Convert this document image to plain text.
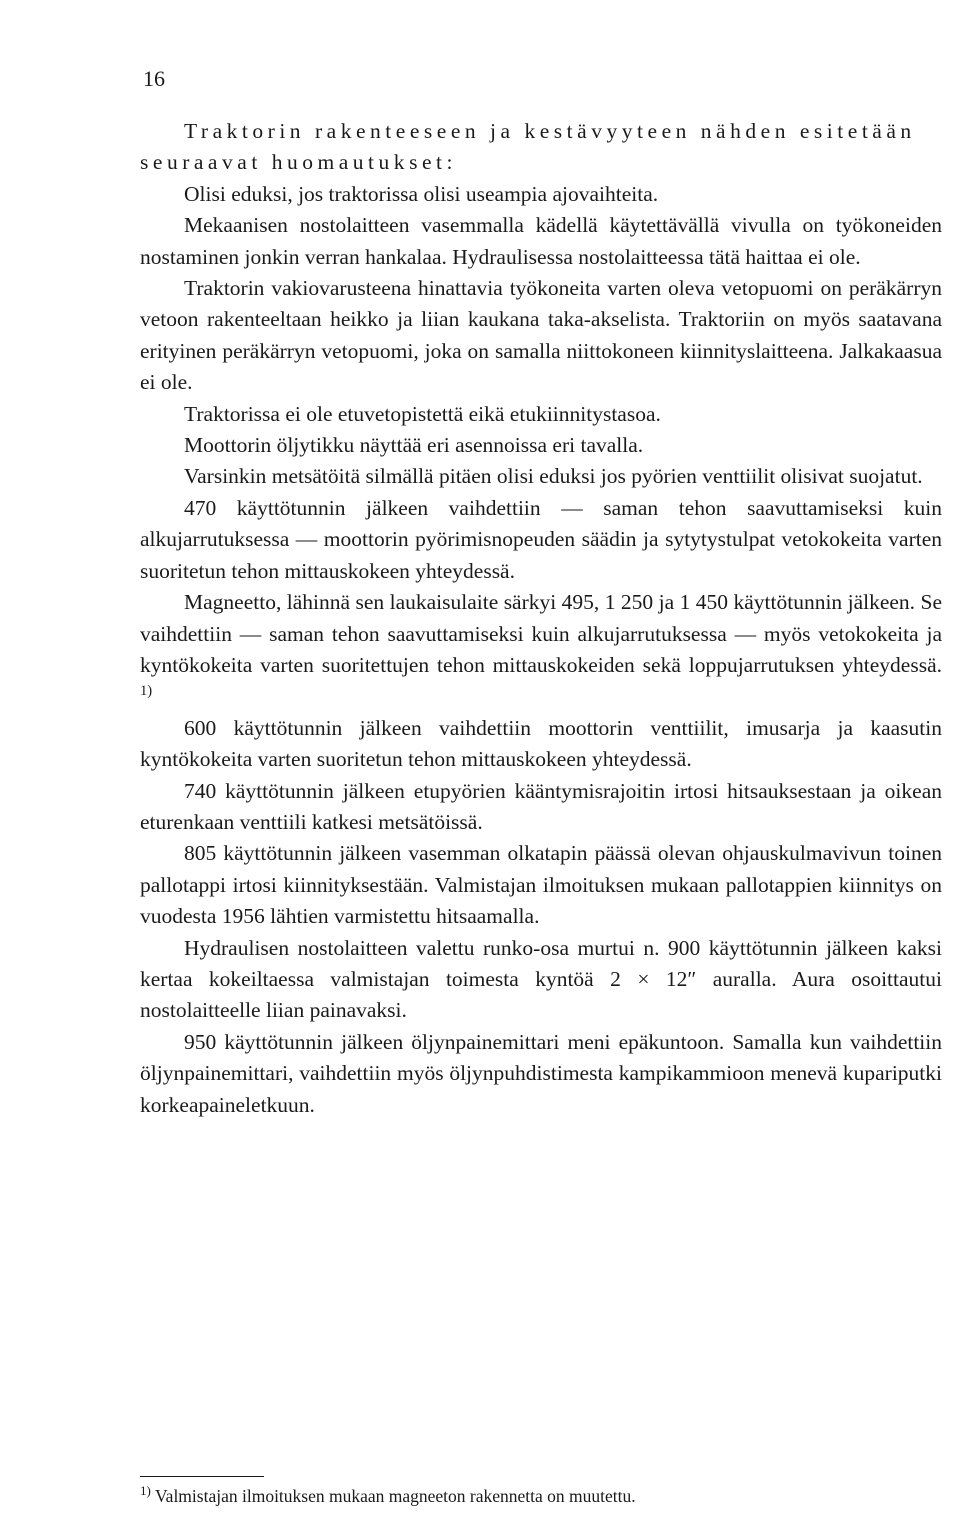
16

Traktorin rakenteeseen ja kestävyyteen nähden esitetään seuraavat huomautukset:

Olisi eduksi, jos traktorissa olisi useampia ajovaihteita.

Mekaanisen nostolaitteen vasemmalla kädellä käytettävällä vivulla on työkoneiden nostaminen jonkin verran hankalaa. Hydraulisessa nostolaitteessa tätä haittaa ei ole.

Traktorin vakiovarusteena hinattavia työkoneita varten oleva vetopuomi on peräkärryn vetoon rakenteeltaan heikko ja liian kaukana taka-akselista. Traktoriin on myös saatavana erityinen peräkärryn vetopuomi, joka on samalla niittokoneen kiinnityslaitteena. Jalkakaasua ei ole.

Traktorissa ei ole etuvetopistettä eikä etukiinnitystasoa.

Moottorin öljytikku näyttää eri asennoissa eri tavalla.

Varsinkin metsätöitä silmällä pitäen olisi eduksi jos pyörien venttiilit olisivat suojatut.

470 käyttötunnin jälkeen vaihdettiin — saman tehon saavuttamiseksi kuin alkujarrutuksessa — moottorin pyörimisnopeuden säädin ja sytytystulpat vetokokeita varten suoritetun tehon mittauskokeen yhteydessä.

Magneetto, lähinnä sen laukaisulaite särkyi 495, 1 250 ja 1 450 käyttötunnin jälkeen. Se vaihdettiin — saman tehon saavuttamiseksi kuin alkujarrutuksessa — myös vetokokeita ja kyntökokeita varten suoritettujen tehon mittauskokeiden sekä loppujarrutuksen yhteydessä. $^{1)}$

600 käyttötunnin jälkeen vaihdettiin moottorin venttiilit, imusarja ja kaasutin kyntökokeita varten suoritetun tehon mittauskokeen yhteydessä.

740 käyttötunnin jälkeen etupyörien kääntymisrajoitin irtosi hitsauksestaan ja oikean eturenkaan venttiili katkesi metsätöissä.

805 käyttötunnin jälkeen vasemman olkatapin päässä olevan ohjauskulmavivun toinen pallotappi irtosi kiinnityksestään. Valmistajan ilmoituksen mukaan pallotappien kiinnitys on vuodesta 1956 lähtien varmistettu hitsaamalla.

Hydraulisen nostolaitteen valettu runko-osa murtui n. 900 käyttötunnin jälkeen kaksi kertaa kokeiltaessa valmistajan toimesta kyntöä 2 × 12″ auralla. Aura osoittautui nostolaitteelle liian painavaksi.

950 käyttötunnin jälkeen öljynpainemittari meni epäkuntoon. Samalla kun vaihdettiin öljynpainemittari, vaihdettiin myös öljynpuhdistimesta kampikammioon menevä kupariputki korkeapaineletkuun.

$^{1)}$ Valmistajan ilmoituksen mukaan magneeton rakennetta on muutettu.
